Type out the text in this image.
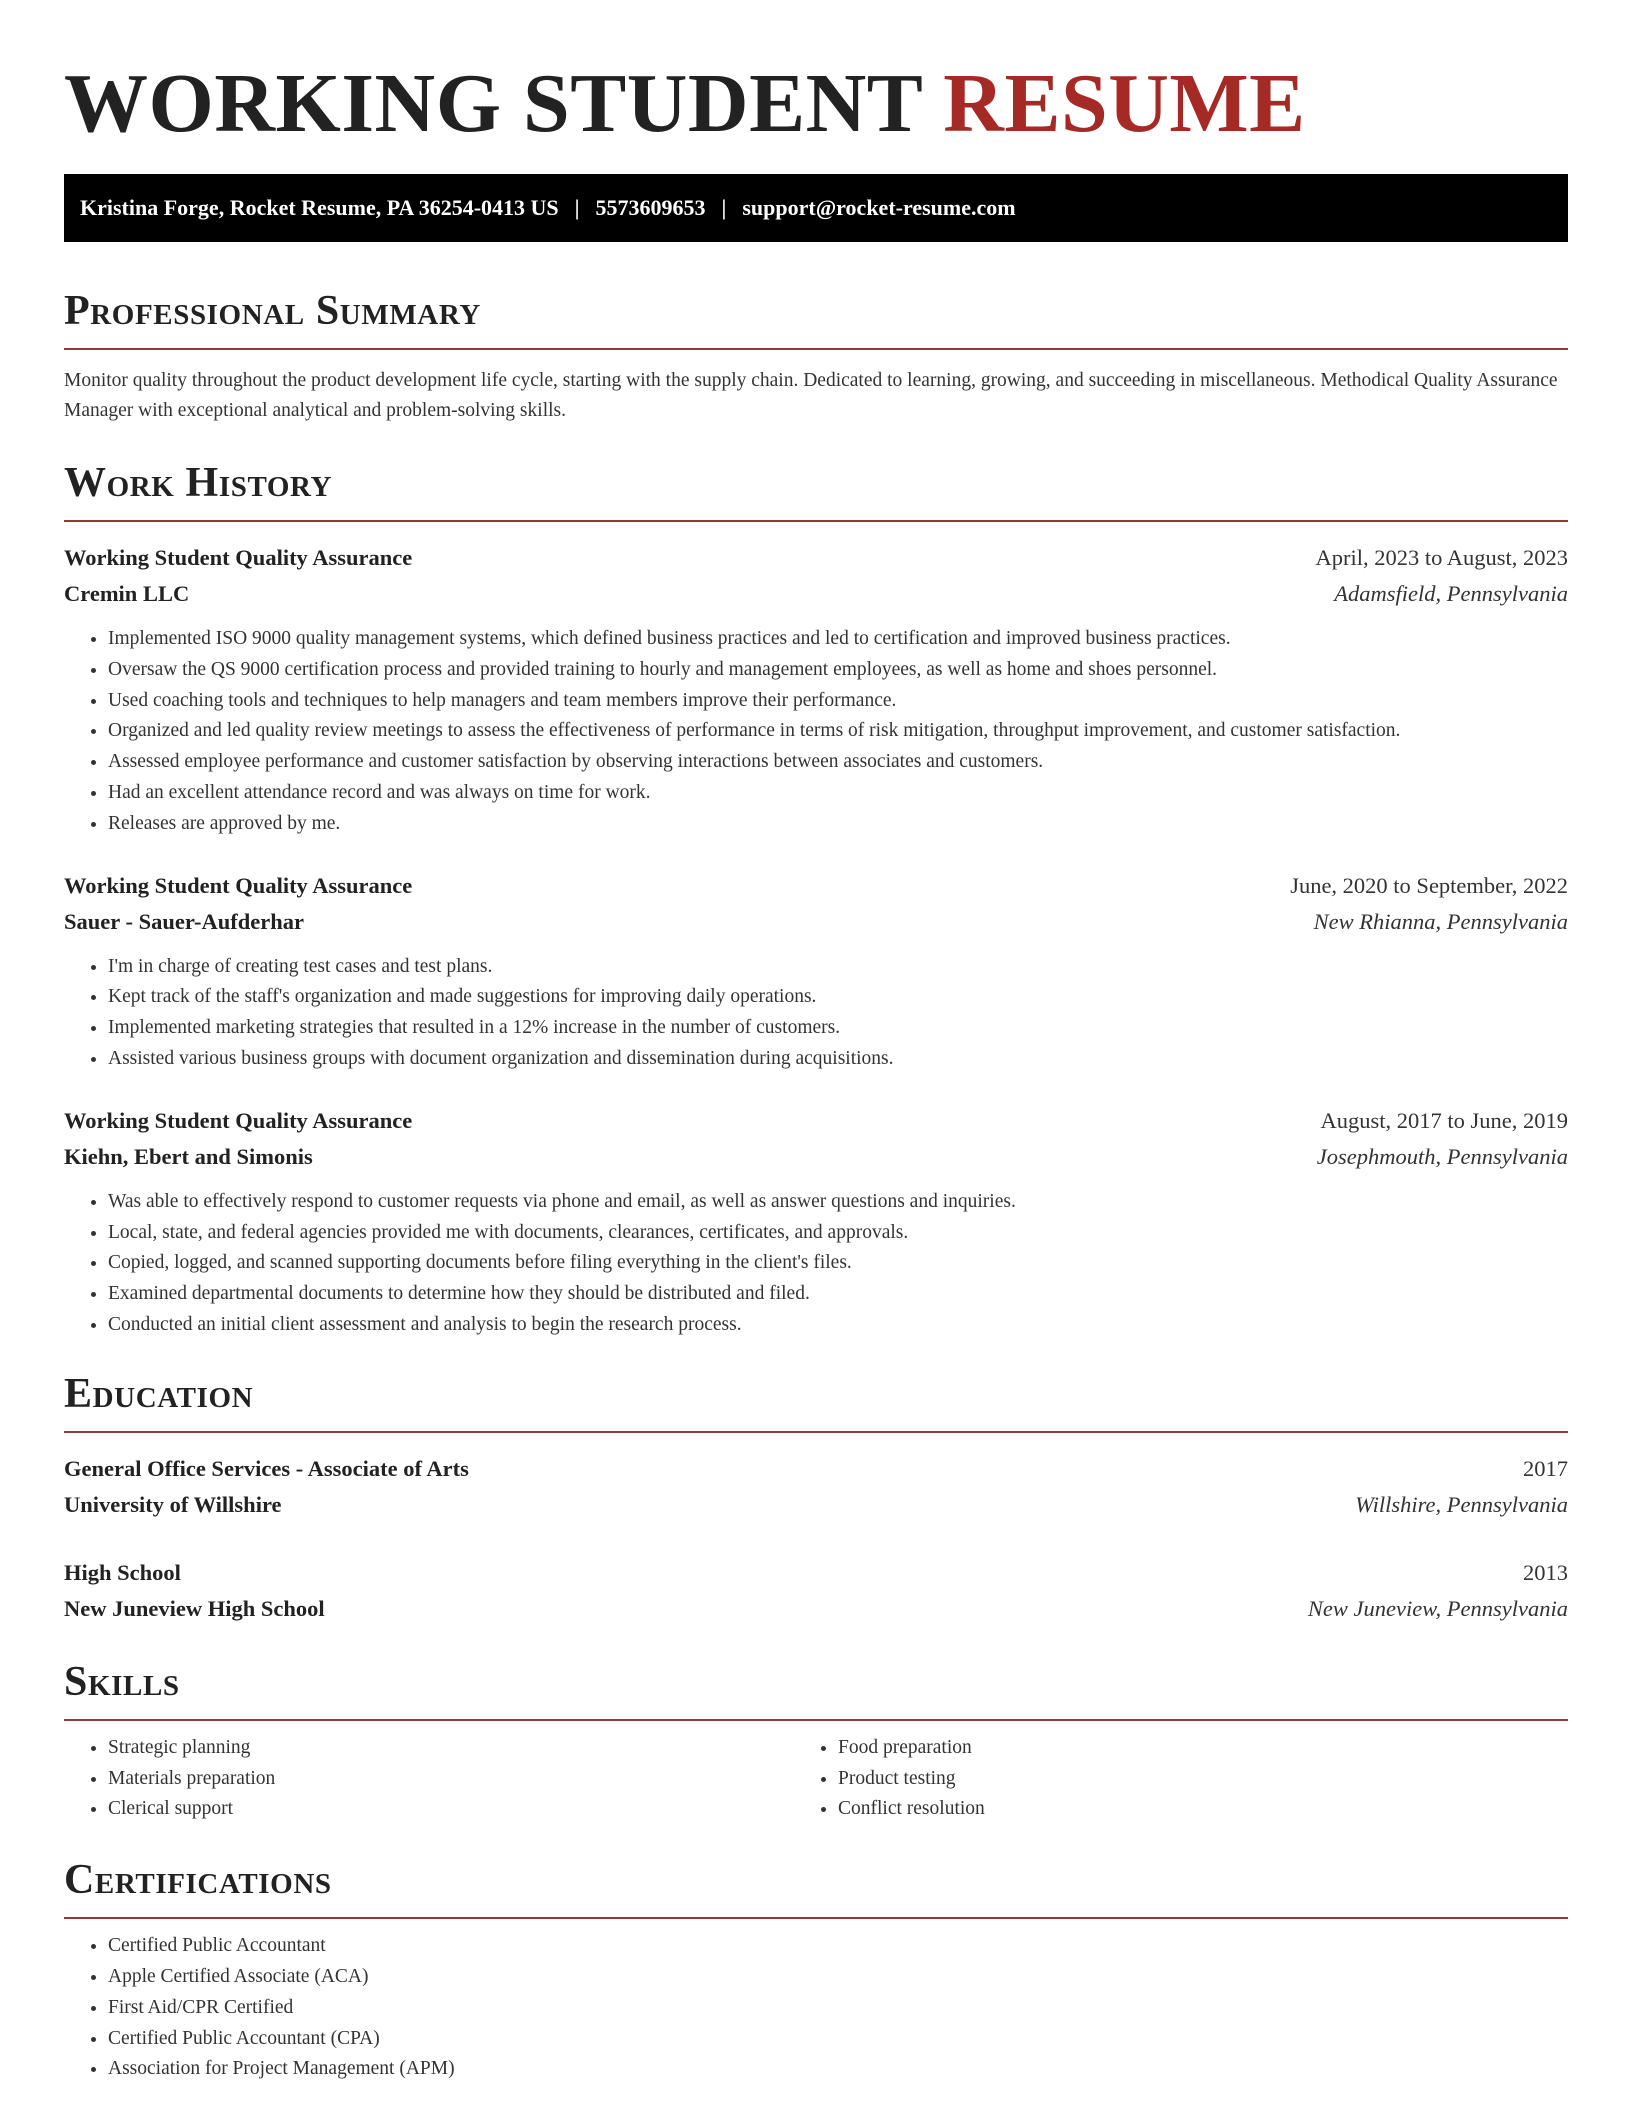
WORKING STUDENT RESUME
Kristina Forge, Rocket Resume, PA 36254-0413 US | 5573609653 | support@rocket-resume.com
Professional Summary

Monitor quality throughout the product development life cycle, starting with the supply chain. Dedicated to learning, growing, and succeeding in miscellaneous. Methodical Quality Assurance Manager with exceptional analytical and problem-solving skills.

Work History
Working Student Quality Assurance	April, 2023 to August, 2023
Cremin LLC	Adamsfield, Pennsylvania
• Implemented ISO 9000 quality management systems, which defined business practices and led to certification and improved business practices.
• Oversaw the QS 9000 certification process and provided training to hourly and management employees, as well as home and shoes personnel.
• Used coaching tools and techniques to help managers and team members improve their performance.
• Organized and led quality review meetings to assess the effectiveness of performance in terms of risk mitigation, throughput improvement, and customer satisfaction.
• Assessed employee performance and customer satisfaction by observing interactions between associates and customers.
• Had an excellent attendance record and was always on time for work.
• Releases are approved by me.
Working Student Quality Assurance	June, 2020 to September, 2022
Sauer - Sauer-Aufderhar	New Rhianna, Pennsylvania
• I'm in charge of creating test cases and test plans.
• Kept track of the staff's organization and made suggestions for improving daily operations.
• Implemented marketing strategies that resulted in a 12% increase in the number of customers.
• Assisted various business groups with document organization and dissemination during acquisitions.
Working Student Quality Assurance	August, 2017 to June, 2019
Kiehn, Ebert and Simonis	Josephmouth, Pennsylvania
• Was able to effectively respond to customer requests via phone and email, as well as answer questions and inquiries.
• Local, state, and federal agencies provided me with documents, clearances, certificates, and approvals.
• Copied, logged, and scanned supporting documents before filing everything in the client's files.
• Examined departmental documents to determine how they should be distributed and filed.
• Conducted an initial client assessment and analysis to begin the research process.
Education
General Office Services - Associate of Arts	2017
University of Willshire	Willshire, Pennsylvania
High School	2013
New Juneview High School	New Juneview, Pennsylvania
Skills
• Strategic planning
• Materials preparation
• Clerical support
• Food preparation
• Product testing
• Conflict resolution
Certifications
• Certified Public Accountant
• Apple Certified Associate (ACA)
• First Aid/CPR Certified
• Certified Public Accountant (CPA)
• Association for Project Management (APM)
